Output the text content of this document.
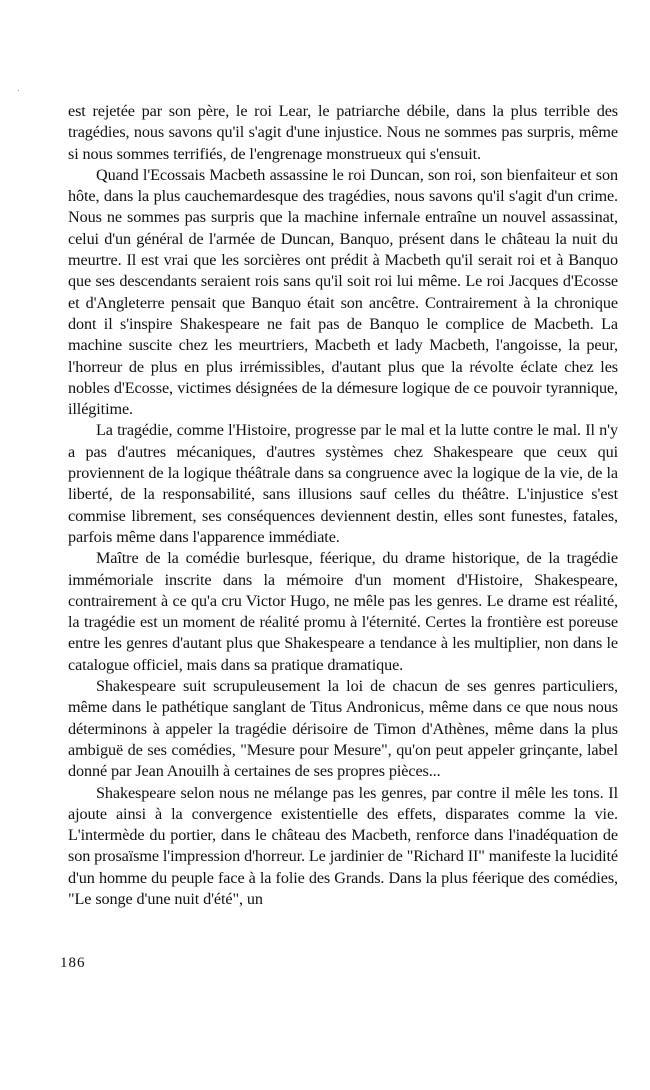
est rejetée par son père, le roi Lear, le patriarche débile, dans la plus terrible des tragédies, nous savons qu'il s'agit d'une injustice. Nous ne sommes pas surpris, même si nous sommes terrifiés, de l'engrenage monstrueux qui s'ensuit.

Quand l'Ecossais Macbeth assassine le roi Duncan, son roi, son bienfaiteur et son hôte, dans la plus cauchemardesque des tragédies, nous savons qu'il s'agit d'un crime. Nous ne sommes pas surpris que la machine infernale entraîne un nouvel assassinat, celui d'un général de l'armée de Duncan, Banquo, présent dans le château la nuit du meurtre. Il est vrai que les sorcières ont prédit à Macbeth qu'il serait roi et à Banquo que ses descendants seraient rois sans qu'il soit roi lui même. Le roi Jacques d'Ecosse et d'Angleterre pensait que Banquo était son ancêtre. Contrairement à la chronique dont il s'inspire Shakespeare ne fait pas de Banquo le complice de Macbeth. La machine suscite chez les meurtriers, Macbeth et lady Macbeth, l'angoisse, la peur, l'horreur de plus en plus irrémissibles, d'autant plus que la révolte éclate chez les nobles d'Ecosse, victimes désignées de la démesure logique de ce pouvoir tyrannique, illégitime.

La tragédie, comme l'Histoire, progresse par le mal et la lutte contre le mal. Il n'y a pas d'autres mécaniques, d'autres systèmes chez Shakespeare que ceux qui proviennent de la logique théâtrale dans sa congruence avec la logique de la vie, de la liberté, de la responsabilité, sans illusions sauf celles du théâtre. L'injustice s'est commise librement, ses conséquences deviennent destin, elles sont funestes, fatales, parfois même dans l'apparence immédiate.

Maître de la comédie burlesque, féerique, du drame historique, de la tragédie immémoriale inscrite dans la mémoire d'un moment d'Histoire, Shakespeare, contrairement à ce qu'a cru Victor Hugo, ne mêle pas les genres. Le drame est réalité, la tragédie est un moment de réalité promu à l'éternité. Certes la frontière est poreuse entre les genres d'autant plus que Shakespeare a tendance à les multiplier, non dans le catalogue officiel, mais dans sa pratique dramatique.

Shakespeare suit scrupuleusement la loi de chacun de ses genres particuliers, même dans le pathétique sanglant de Titus Andronicus, même dans ce que nous nous déterminons à appeler la tragédie dérisoire de Timon d'Athènes, même dans la plus ambiguë de ses comédies, "Mesure pour Mesure", qu'on peut appeler grinçante, label donné par Jean Anouilh à certaines de ses propres pièces...

Shakespeare selon nous ne mélange pas les genres, par contre il mêle les tons. Il ajoute ainsi à la convergence existentielle des effets, disparates comme la vie. L'intermède du portier, dans le château des Macbeth, renforce dans l'inadéquation de son prosaïsme l'impression d'horreur. Le jardinier de "Richard II" manifeste la lucidité d'un homme du peuple face à la folie des Grands. Dans la plus féerique des comédies, "Le songe d'une nuit d'été", un

186
